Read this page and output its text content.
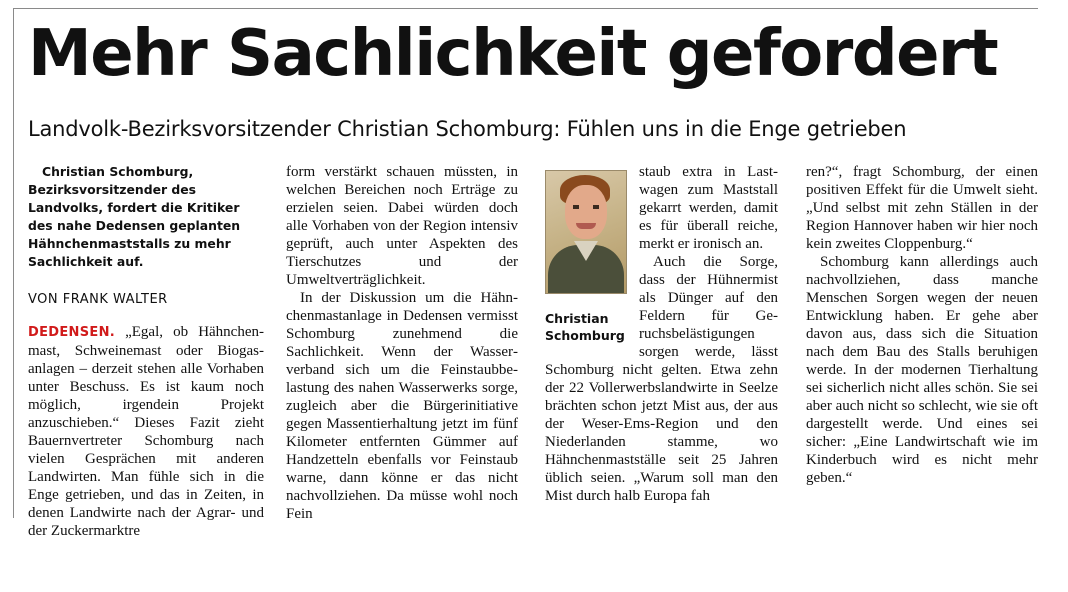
Mehr Sachlichkeit gefordert
Landvolk-Bezirksvorsitzender Christian Schomburg: Fühlen uns in die Enge getrieben

Christian Schomburg, Bezirksvorsitzender des Landvolks, fordert die Kritiker des nahe Dedensen geplanten Hähnchenmaststalls zu mehr Sachlichkeit auf.

VON FRANK WALTER

DEDENSEN. „Egal, ob Hähnchenmast, Schweinemast oder Biogasanlagen – derzeit stehen alle Vorhaben unter Beschuss. Es ist kaum noch möglich, irgendein Projekt anzuschieben.“ Dieses Fazit zieht Bauernvertreter Schomburg nach vielen Gesprächen mit anderen Landwirten. Man fühle sich in die Enge getrieben, und das in Zeiten, in denen Landwirte nach der Agrar- und der Zuckermarktre

form verstärkt schauen müssten, in welchen Bereichen noch Erträge zu erzielen seien. Dabei würden doch alle Vorhaben von der Region intensiv geprüft, auch unter Aspekten des Tierschutzes und der Umweltverträglichkeit.

In der Diskussion um die Hähnchenmastanlage in Dedensen vermisst Schomburg zunehmend die Sachlichkeit. Wenn der Wasserverband sich um die Feinstaubbelastung des nahen Wasserwerks sorge, zugleich aber die Bürgerinitiative gegen Massentierhaltung jetzt im fünf Kilometer entfernten Gümmer auf Handzetteln ebenfalls vor Feinstaub warne, dann könne er das nicht nachvollziehen. Da müsse wohl noch Fein

Christian
Schomburg

staub extra in Lastwagen zum Maststall gekarrt werden, damit es für überall reiche, merkt er ironisch an.

Auch die Sorge, dass der Hühnermist als Dünger auf den Feldern für Geruchsbelästigungen sorgen werde, lässt Schomburg nicht gelten. Etwa zehn der 22 Vollerwerbslandwirte in Seelze brächten schon jetzt Mist aus, der aus der Weser-Ems-Region und den Niederlanden stamme, wo Hähnchenmastställe seit 25 Jahren üblich seien. „Warum soll man den Mist durch halb Europa fah

ren?“, fragt Schomburg, der einen positiven Effekt für die Umwelt sieht. „Und selbst mit zehn Ställen in der Region Hannover haben wir hier noch kein zweites Cloppenburg.“

Schomburg kann allerdings auch nachvollziehen, dass manche Menschen Sorgen wegen der neuen Entwicklung haben. Er gehe aber davon aus, dass sich die Situation nach dem Bau des Stalls beruhigen werde. In der modernen Tierhaltung sei sicherlich nicht alles schön. Sie sei aber auch nicht so schlecht, wie sie oft dargestellt werde. Und eines sei sicher: „Eine Landwirtschaft wie im Kinderbuch wird es nicht mehr geben.“
